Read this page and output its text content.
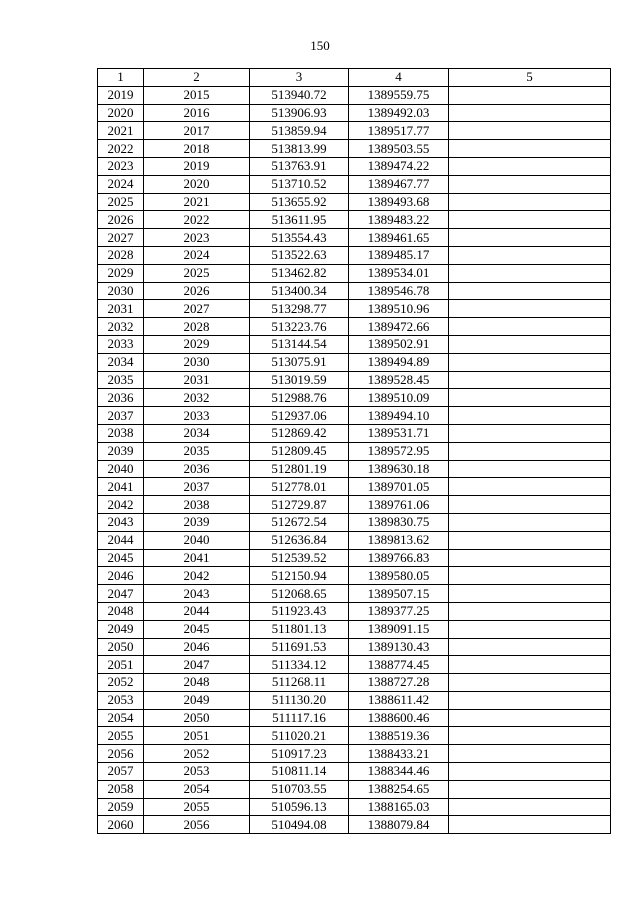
150
1	2	3	4	5
2019	2015	513940.72	1389559.75	
2020	2016	513906.93	1389492.03	
2021	2017	513859.94	1389517.77	
2022	2018	513813.99	1389503.55	
2023	2019	513763.91	1389474.22	
2024	2020	513710.52	1389467.77	
2025	2021	513655.92	1389493.68	
2026	2022	513611.95	1389483.22	
2027	2023	513554.43	1389461.65	
2028	2024	513522.63	1389485.17	
2029	2025	513462.82	1389534.01	
2030	2026	513400.34	1389546.78	
2031	2027	513298.77	1389510.96	
2032	2028	513223.76	1389472.66	
2033	2029	513144.54	1389502.91	
2034	2030	513075.91	1389494.89	
2035	2031	513019.59	1389528.45	
2036	2032	512988.76	1389510.09	
2037	2033	512937.06	1389494.10	
2038	2034	512869.42	1389531.71	
2039	2035	512809.45	1389572.95	
2040	2036	512801.19	1389630.18	
2041	2037	512778.01	1389701.05	
2042	2038	512729.87	1389761.06	
2043	2039	512672.54	1389830.75	
2044	2040	512636.84	1389813.62	
2045	2041	512539.52	1389766.83	
2046	2042	512150.94	1389580.05	
2047	2043	512068.65	1389507.15	
2048	2044	511923.43	1389377.25	
2049	2045	511801.13	1389091.15	
2050	2046	511691.53	1389130.43	
2051	2047	511334.12	1388774.45	
2052	2048	511268.11	1388727.28	
2053	2049	511130.20	1388611.42	
2054	2050	511117.16	1388600.46	
2055	2051	511020.21	1388519.36	
2056	2052	510917.23	1388433.21	
2057	2053	510811.14	1388344.46	
2058	2054	510703.55	1388254.65	
2059	2055	510596.13	1388165.03	
2060	2056	510494.08	1388079.84	
